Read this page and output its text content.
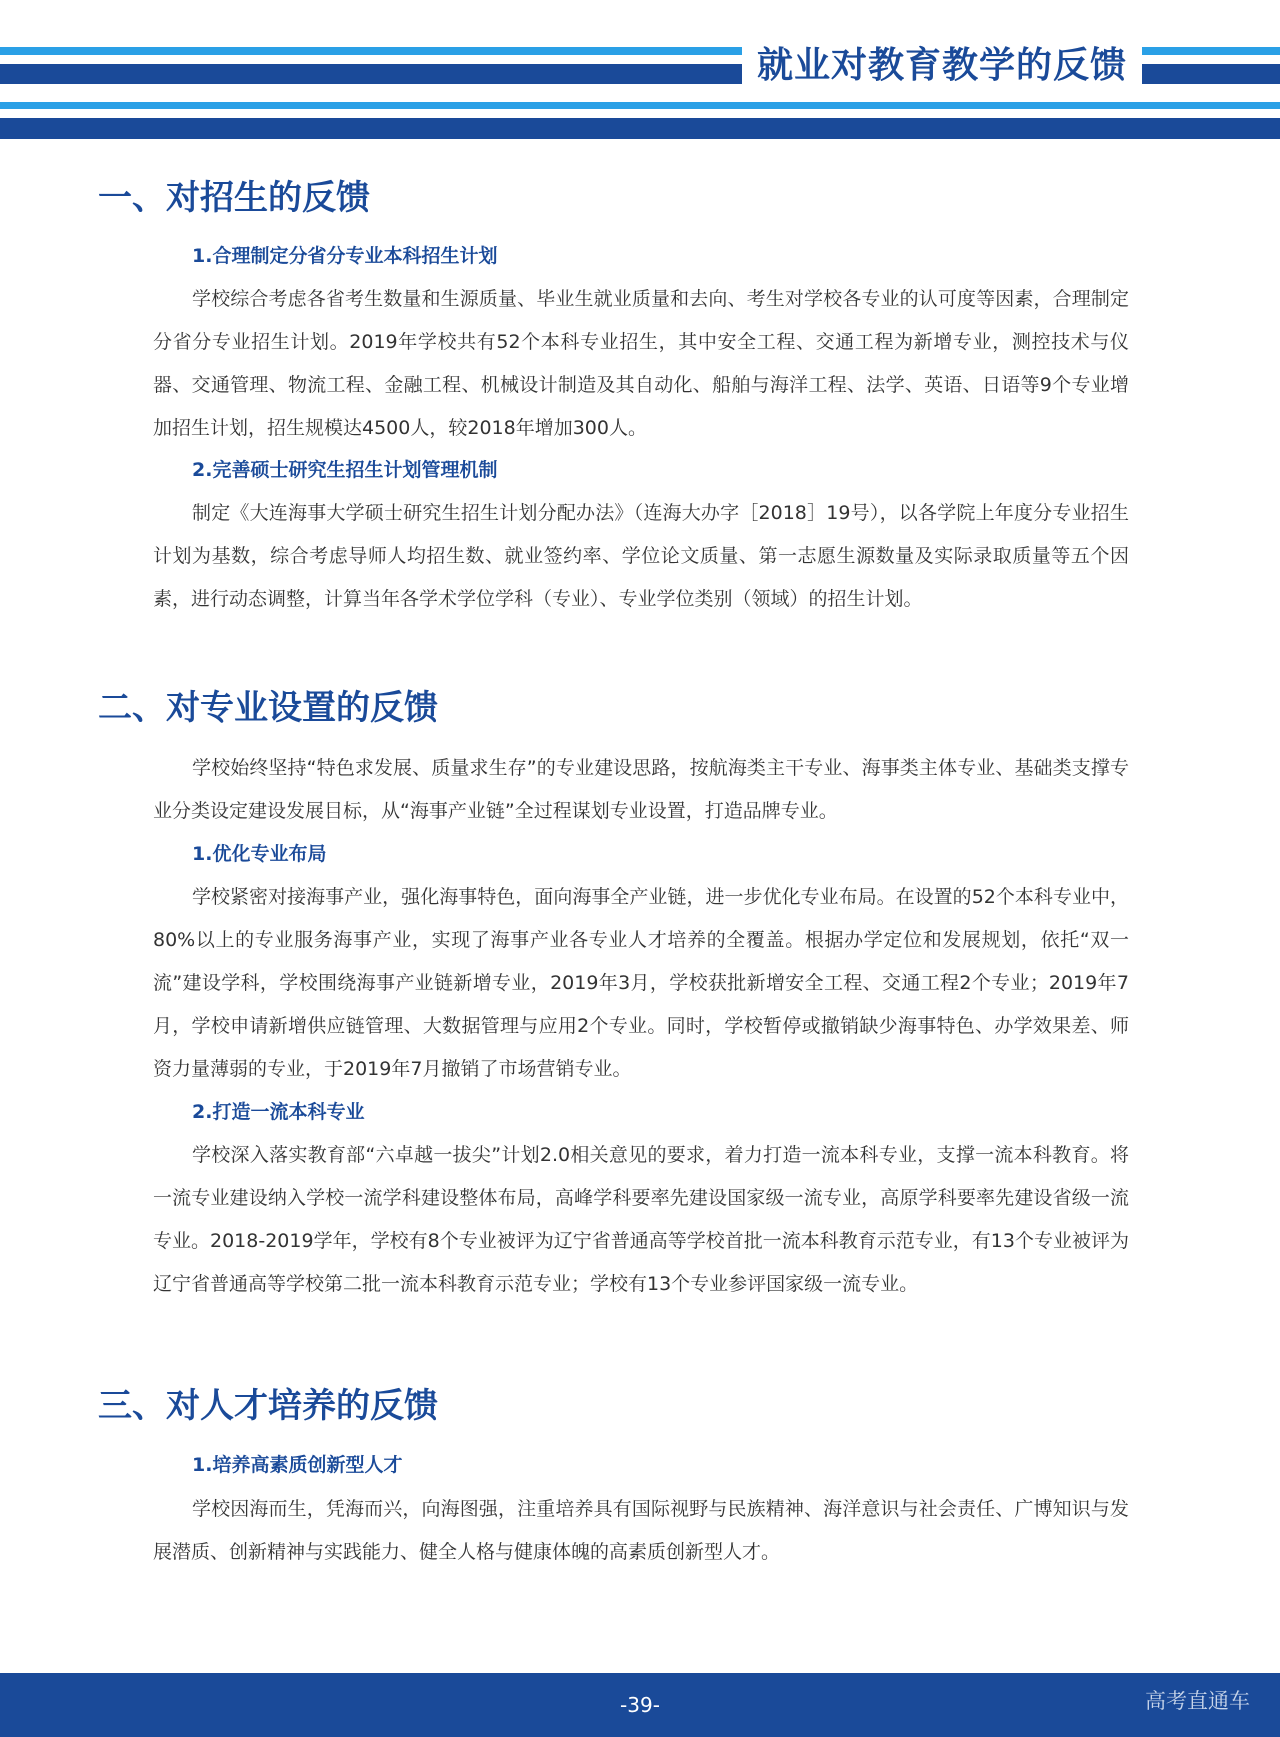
就业对教育教学的反馈
一、对招生的反馈
1.合理制定分省分专业本科招生计划

学校综合考虑各省考生数量和生源质量、毕业生就业质量和去向、考生对学校各专业的认可度等因素，合理制定分省分专业招生计划。2019年学校共有52个本科专业招生，其中安全工程、交通工程为新增专业，测控技术与仪器、交通管理、物流工程、金融工程、机械设计制造及其自动化、船舶与海洋工程、法学、英语、日语等9个专业增加招生计划，招生规模达4500人，较2018年增加300人。

2.完善硕士研究生招生计划管理机制

制定《大连海事大学硕士研究生招生计划分配办法》（连海大办字［2018］19号），以各学院上年度分专业招生计划为基数，综合考虑导师人均招生数、就业签约率、学位论文质量、第一志愿生源数量及实际录取质量等五个因素，进行动态调整，计算当年各学术学位学科（专业）、专业学位类别（领域）的招生计划。

二、对专业设置的反馈

学校始终坚持“特色求发展、质量求生存”的专业建设思路，按航海类主干专业、海事类主体专业、基础类支撑专业分类设定建设发展目标，从“海事产业链”全过程谋划专业设置，打造品牌专业。

1.优化专业布局

学校紧密对接海事产业，强化海事特色，面向海事全产业链，进一步优化专业布局。在设置的52个本科专业中，80%以上的专业服务海事产业，实现了海事产业各专业人才培养的全覆盖。根据办学定位和发展规划，依托“双一流”建设学科，学校围绕海事产业链新增专业，2019年3月，学校获批新增安全工程、交通工程2个专业；2019年7月，学校申请新增供应链管理、大数据管理与应用2个专业。同时，学校暂停或撤销缺少海事特色、办学效果差、师资力量薄弱的专业，于2019年7月撤销了市场营销专业。

2.打造一流本科专业

学校深入落实教育部“六卓越一拔尖”计划2.0相关意见的要求，着力打造一流本科专业，支撑一流本科教育。将一流专业建设纳入学校一流学科建设整体布局，高峰学科要率先建设国家级一流专业，高原学科要率先建设省级一流专业。2018-2019学年，学校有8个专业被评为辽宁省普通高等学校首批一流本科教育示范专业，有13个专业被评为辽宁省普通高等学校第二批一流本科教育示范专业；学校有13个专业参评国家级一流专业。

三、对人才培养的反馈
1.培养高素质创新型人才

学校因海而生，凭海而兴，向海图强，注重培养具有国际视野与民族精神、海洋意识与社会责任、广博知识与发展潜质、创新精神与实践能力、健全人格与健康体魄的高素质创新型人才。

-39-	高考直通车
